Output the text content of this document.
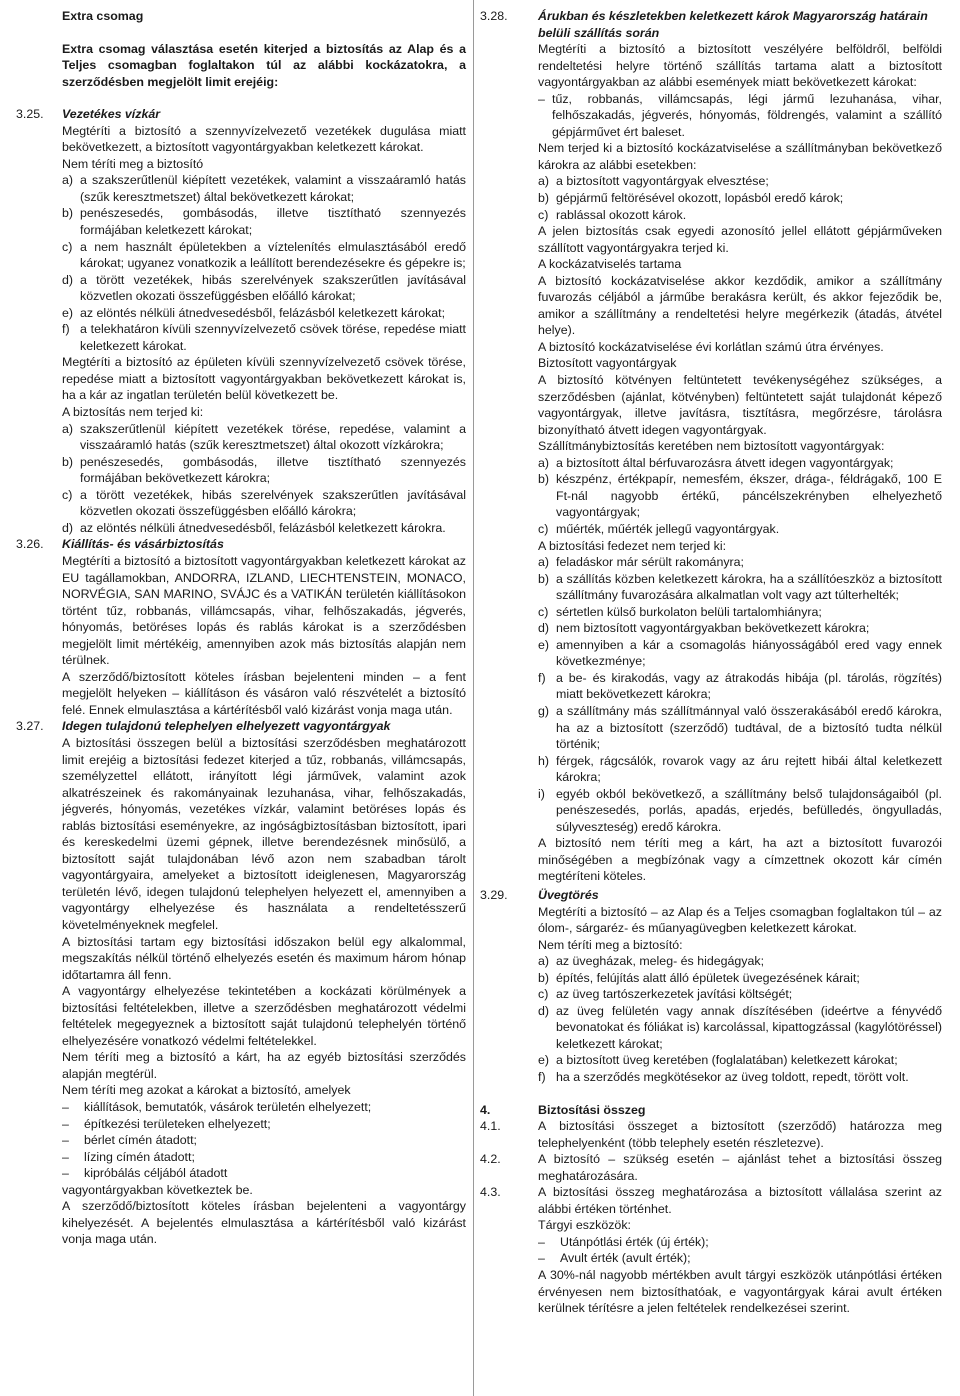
Extra csomag
Extra csomag választása esetén kiterjed a biztosítás az Alap és a Teljes csomagban foglaltakon túl az alábbi kockázatokra, a szerződésben megjelölt limit erejéig:
3.25. Vezetékes vízkár
Megtéríti a biztosító a szennyvízelvezető vezetékek dugulása miatt bekövetkezett, a biztosított vagyontárgyakban keletkezett károkat.
Nem téríti meg a biztosító
a) a szakszerűtlenül kiépített vezetékek, valamint a visszaáramló hatás (szűk keresztmetszet) által bekövetkezett károkat;
b) penészesedés, gombásodás, illetve tisztítható szennyezés formájában keletkezett károkat;
c) a nem használt épületekben a víztelenítés elmulasztásából eredő károkat; ugyanez vonatkozik a leállított berendezésekre és gépekre is;
d) a törött vezetékek, hibás szerelvények szakszerűtlen javításával közvetlen okozati összefüggésben előálló károkat;
e) az elöntés nélküli átnedvesedésből, felázásból keletkezett károkat;
f) a telekhatáron kívüli szennyvízelvezető csövek törése, repedése miatt keletkezett károkat.
Megtéríti a biztosító az épületen kívüli szennyvízelvezető csövek törése, repedése miatt a biztosított vagyontárgyakban bekövetkezett károkat is, ha a kár az ingatlan területén belül következett be.
A biztosítás nem terjed ki:
a) szakszerűtlenül kiépített vezetékek törése, repedése, valamint a visszaáramló hatás (szűk keresztmetszet) által okozott vízkárokra;
b) penészesedés, gombásodás, illetve tisztítható szennyezés formájában bekövetkezett károkra;
c) a törött vezetékek, hibás szerelvények szakszerűtlen javításával közvetlen okozati összefüggésben előálló károkra;
d) az elöntés nélküli átnedvesedésből, felázásból keletkezett károkra.
3.26. Kiállítás- és vásárbiztosítás
Megtéríti a biztosító a biztosított vagyontárgyakban keletkezett károkat az EU tagállamokban, ANDORRA, IZLAND, LIECHTENSTEIN, MONACO, NORVÉGIA, SAN MARINO, SVÁJC és a VATIKÁN területén kiállításokon történt tűz, robbanás, villámcsapás, vihar, felhőszakadás, jégverés, hónyomás, betöréses lopás és rablás károkat is a szerződésben megjelölt limit mértékéig, amennyiben azok más biztosítás alapján nem térülnek.
A szerződő/biztosított köteles írásban bejelenteni minden – a fent megjelölt helyeken – kiállításon és vásáron való részvételét a biztosító felé. Ennek elmulasztása a kártérítésből való kizárást vonja maga után.
3.27. Idegen tulajdonú telephelyen elhelyezett vagyontárgyak
A biztosítási összegen belül a biztosítási szerződésben meghatározott limit erejéig a biztosítási fedezet kiterjed a tűz, robbanás, villámcsapás, személyzettel ellátott, irányított légi járművek, valamint azok alkatrészeinek és rakományainak lezuhanása, vihar, felhőszakadás, jégverés, hónyomás, vezetékes vízkár, valamint betöréses lopás és rablás biztosítási eseményekre, az ingóságbiztosításban biztosított, ipari és kereskedelmi üzemi gépnek, illetve berendezésnek minősülő, a biztosított saját tulajdonában lévő azon nem szabadban tárolt vagyontárgyaira, amelyeket a biztosított ideiglenesen, Magyarország területén lévő, idegen tulajdonú telephelyen helyezett el, amennyiben a vagyontárgy elhelyezése és használata a rendeltetésszerű követelményeknek megfelel.
A biztosítási tartam egy biztosítási időszakon belül egy alkalommal, megszakítás nélkül történő elhelyezés esetén és maximum három hónap időtartamra áll fenn.
A vagyontárgy elhelyezése tekintetében a kockázati körülmények a biztosítási feltételekben, illetve a szerződésben meghatározott védelmi feltételek megegyeznek a biztosított saját tulajdonú telephelyén történő elhelyezésére vonatkozó védelmi feltételekkel.
Nem téríti meg a biztosító a kárt, ha az egyéb biztosítási szerződés alapján megtérül.
Nem téríti meg azokat a károkat a biztosító, amelyek
– kiállítások, bemutatók, vásárok területén elhelyezett;
– építkezési területeken elhelyezett;
– bérlet címén átadott;
– lízing címén átadott;
– kipróbálás céljából átadott
vagyontárgyakban következtek be.
A szerződő/biztosított köteles írásban bejelenteni a vagyontárgy kihelyezését. A bejelentés elmulasztása a kártérítésből való kizárást vonja maga után.
3.28. Árukban és készletekben keletkezett károk Magyarország határain belüli szállítás során
Megtéríti a biztosító a biztosított veszélyére belföldről, belföldi rendeltetési helyre történő szállítás tartama alatt a biztosított vagyontárgyakban az alábbi események miatt bekövetkezett károkat:
– tűz, robbanás, villámcsapás, légi jármű lezuhanása, vihar, felhőszakadás, jégverés, hónyomás, földrengés, valamint a szállító gépjárművet ért baleset.
Nem terjed ki a biztosító kockázatviselése a szállítmányban bekövetkező károkra az alábbi esetekben:
a) a biztosított vagyontárgyak elvesztése;
b) gépjármű feltörésével okozott, lopásból eredő károk;
c) rablással okozott károk.
A jelen biztosítás csak egyedi azonosító jellel ellátott gépjárműveken szállított vagyontárgyakra terjed ki.
A kockázatviselés tartama
A biztosító kockázatviselése akkor kezdődik, amikor a szállítmány fuvarozás céljából a járműbe berakásra került, és akkor fejeződik be, amikor a szállítmány a rendeltetési helyre megérkezik (átadás, átvétel helye).
A biztosító kockázatviselése évi korlátlan számú útra érvényes.
Biztosított vagyontárgyak
A biztosító kötvényen feltüntetett tevékenységéhez szükséges, a szerződésben (ajánlat, kötvényben) feltüntetett saját tulajdonát képező vagyontárgyak, illetve javításra, tisztításra, megőrzésre, tárolásra bizonyítható átvett idegen vagyontárgyak.
Szállítmánybiztosítás keretében nem biztosított vagyontárgyak:
a) a biztosított által bérfuvarozásra átvett idegen vagyontárgyak;
b) készpénz, értékpapír, nemesfém, ékszer, drága-, féldrágakő, 100 E Ft-nál nagyobb értékű, páncélszekrényben elhelyezhető vagyontárgyak;
c) műérték, műérték jellegű vagyontárgyak.
A biztosítási fedezet nem terjed ki:
a) feladáskor már sérült rakományra;
b) a szállítás közben keletkezett károkra, ha a szállítóeszköz a biztosított szállítmány fuvarozására alkalmatlan volt vagy azt túlterhelték;
c) sértetlen külső burkolaton belüli tartalomhiányra;
d) nem biztosított vagyontárgyakban bekövetkezett károkra;
e) amennyiben a kár a csomagolás hiányosságából ered vagy ennek következménye;
f) a be- és kirakodás, vagy az átrakodás hibája (pl. tárolás, rögzítés) miatt bekövetkezett károkra;
g) a szállítmány más szállítmánnyal való összerakásából eredő károkra, ha az a biztosított (szerződő) tudtával, de a biztosító tudta nélkül történik;
h) férgek, rágcsálók, rovarok vagy az áru rejtett hibái által keletkezett károkra;
i) egyéb okból bekövetkező, a szállítmány belső tulajdonságaiból (pl. penészesedés, porlás, apadás, erjedés, befülledés, öngyulladás, súlyveszteség) eredő károkra.
A biztosító nem téríti meg a kárt, ha azt a biztosított fuvarozói minőségében a megbízónak vagy a címzettnek okozott kár címén megtéríteni köteles.
3.29. Üvegtörés
Megtéríti a biztosító – az Alap és a Teljes csomagban foglaltakon túl – az ólom-, sárgaréz- és műanyagüvegben keletkezett károkat.
Nem téríti meg a biztosító:
a) az üvegházak, meleg- és hidegágyak;
b) építés, felújítás alatt álló épületek üvegezésének kárait;
c) az üveg tartószerkezetek javítási költségét;
d) az üveg felületén vagy annak díszítésében (ideértve a fényvédő bevonatokat és fóliákat is) karcolással, kipattogzással (kagylótöréssel) keletkezett károkat;
e) a biztosított üveg keretében (foglalatában) keletkezett károkat;
f) ha a szerződés megkötésekor az üveg toldott, repedt, törött volt.
4.	Biztosítási összeg
4.1.	A biztosítási összeget a biztosított (szerződő) határozza meg telephelyenként (több telephely esetén részletezve).
4.2.	A biztosító – szükség esetén – ajánlást tehet a biztosítási összeg meghatározására.
4.3.	A biztosítási összeg meghatározása a biztosított vállalása szerint az alábbi értéken történhet.
Tárgyi eszközök:
– Utánpótlási érték (új érték);
– Avult érték (avult érték);
A 30%-nál nagyobb mértékben avult tárgyi eszközök utánpótlási értéken érvényesen nem biztosíthatóak, e vagyontárgyak kárai avult értéken kerülnek térítésre a jelen feltételek rendelkezései szerint.
